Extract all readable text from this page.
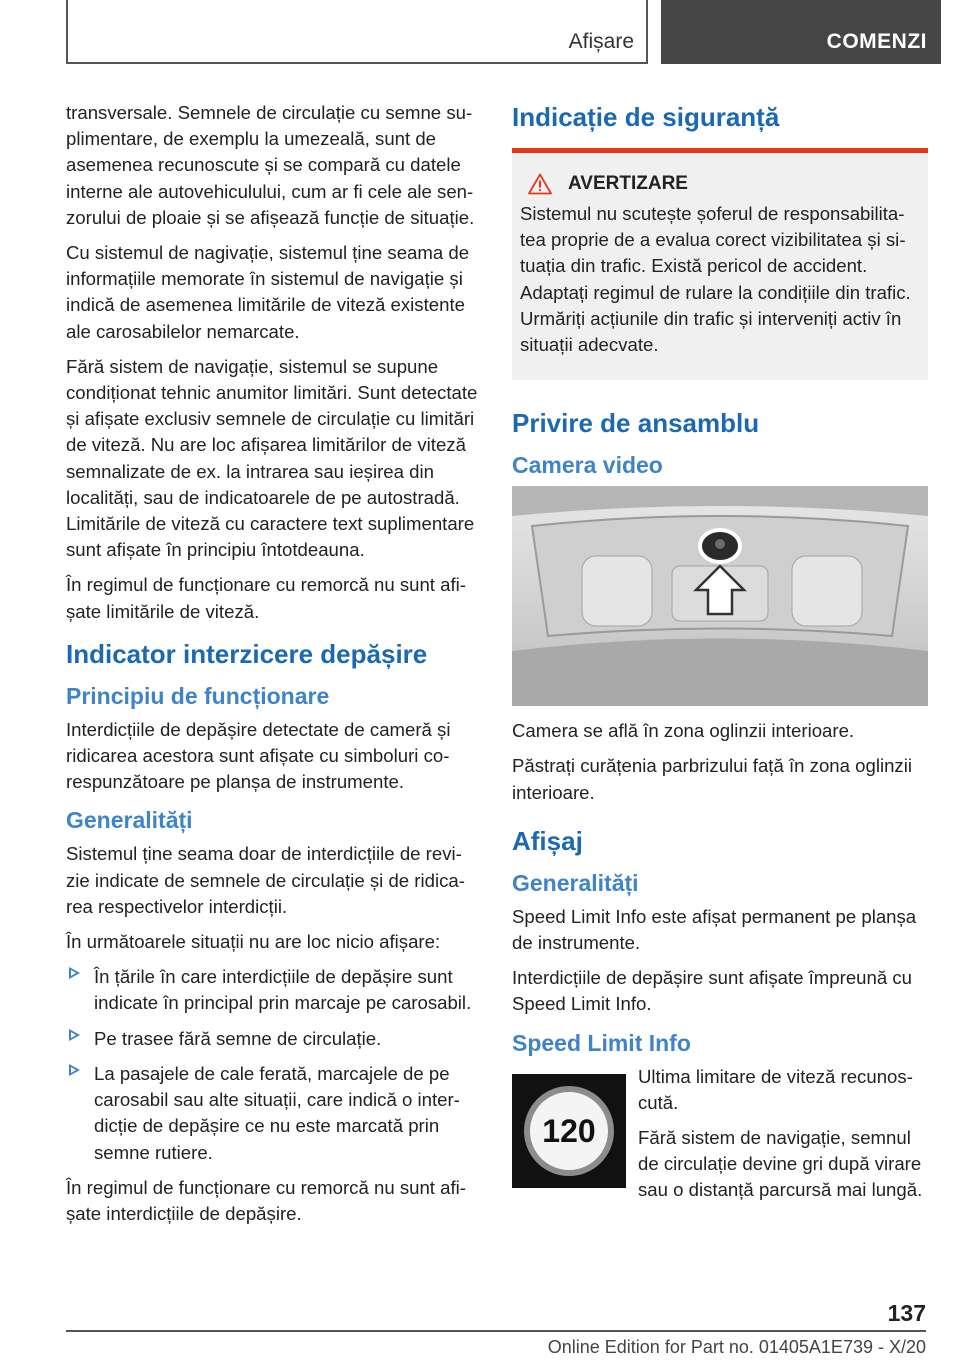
Afișare	COMENZI

transversale. Semnele de circulație cu semne suplimentare, de exemplu la umezeală, sunt de asemenea recunoscute și se compară cu datele interne ale autovehiculului, cum ar fi cele ale senzorului de ploaie și se afișează funcție de situație.

Cu sistemul de nagivație, sistemul ține seama de informațiile memorate în sistemul de navigație și indică de asemenea limitările de viteză existente ale carosabilelor nemarcate.

Fără sistem de navigație, sistemul se supune condiționat tehnic anumitor limitări. Sunt detectate și afișate exclusiv semnele de circulație cu limitări de viteză. Nu are loc afișarea limitărilor de viteză semnalizate de ex. la intrarea sau ieșirea din localități, sau de indicatoarele de pe autostradă. Limitările de viteză cu caractere text suplimentare sunt afișate în principiu întotdeauna.

În regimul de funcționare cu remorcă nu sunt afișate limitările de viteză.

Indicator interzicere depășire
Principiu de funcționare

Interdicțiile de depășire detectate de cameră și ridicarea acestora sunt afișate cu simboluri corespunzătoare pe planșa de instrumente.

Generalități

Sistemul ține seama doar de interdicțiile de revizie indicate de semnele de circulație și de ridicarea respectivelor interdicții.

În următoarele situații nu are loc nicio afișare:

În țările în care interdicțiile de depășire sunt indicate în principal prin marcaje pe carosabil.
Pe trasee fără semne de circulație.
La pasajele de cale ferată, marcajele de pe carosabil sau alte situații, care indică o interdicție de depășire ce nu este marcată prin semne rutiere.

În regimul de funcționare cu remorcă nu sunt afișate interdicțiile de depășire.

Indicație de siguranță
AVERTIZARE

Sistemul nu scutește șoferul de responsabilitatea proprie de a evalua corect vizibilitatea și situația din trafic. Există pericol de accident. Adaptați regimul de rulare la condițiile din trafic. Urmăriți acțiunile din trafic și interveniți activ în situații adecvate.

Privire de ansamblu
Camera video

Camera se află în zona oglinzii interioare.

Păstrați curățenia parbrizului față în zona oglinzii interioare.

Afișaj
Generalități

Speed Limit Info este afișat permanent pe planșa de instrumente.

Interdicțiile de depășire sunt afișate împreună cu Speed Limit Info.

Speed Limit Info
120

Ultima limitare de viteză recunoscută.

Fără sistem de navigație, semnul de circulație devine gri după virare sau o distanță parcursă mai lungă.

137
Online Edition for Part no. 01405A1E739 - X/20
